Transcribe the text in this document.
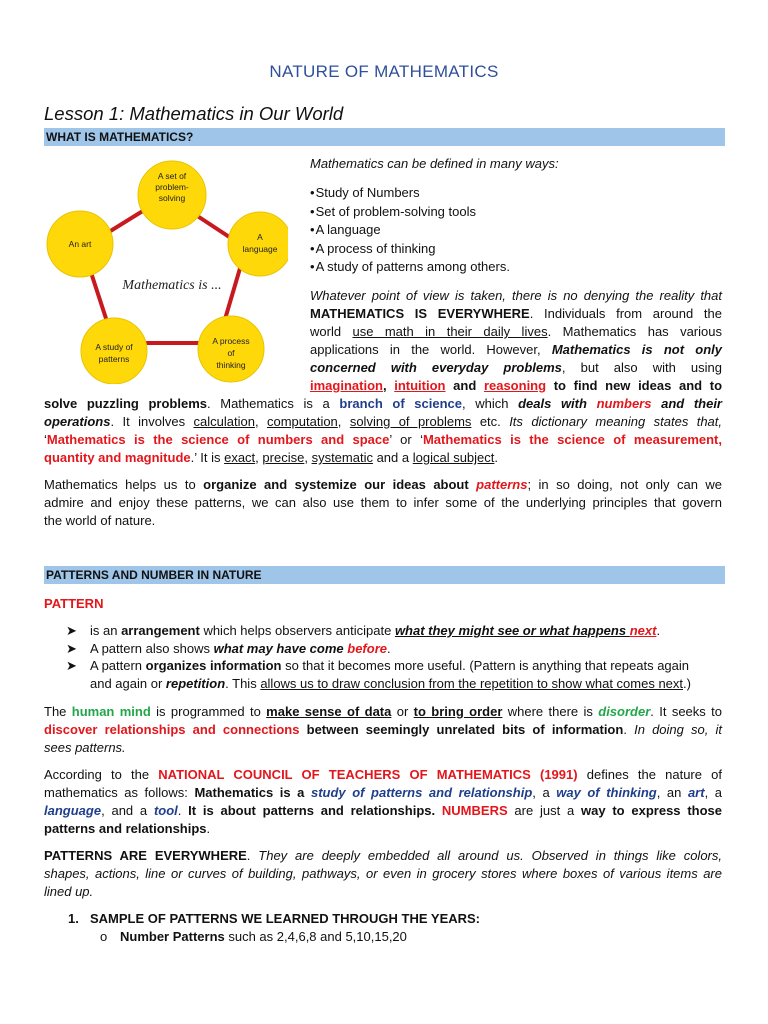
NATURE OF MATHEMATICS
Lesson 1: Mathematics in Our World
WHAT IS MATHEMATICS?
A set of
problem-
solving
A
language
A process
of
thinking
A study of
patterns
An art
Mathematics is ...
Mathematics can be defined in many ways:
• Study of Numbers
• Set of problem-solving tools
• A language
• A process of thinking
• A study of patterns among others.
Whatever point of view is taken, there is no denying the reality that
MATHEMATICS IS EVERYWHERE. Individuals from around the
world use math in their daily lives. Mathematics has various
applications in the world. However, Mathematics is not only
concerned with everyday problems, but also with using
imagination, intuition and reasoning to find new ideas and to
solve puzzling problems. Mathematics is a branch of science, which deals with numbers and their
operations. It involves calculation, computation, solving of problems etc. Its dictionary meaning states that,
‘Mathematics is the science of numbers and space’ or ‘Mathematics is the science of measurement,
quantity and magnitude.’ It is exact, precise, systematic and a logical subject.
Mathematics helps us to organize and systemize our ideas about patterns; in so doing, not only can we
admire and enjoy these patterns, we can also use them to infer some of the underlying principles that govern
the world of nature.
PATTERNS AND NUMBER IN NATURE
PATTERN
➤	is an arrangement which helps observers anticipate what they might see or what happens next.
➤	A pattern also shows what may have come before.
➤	A pattern organizes information so that it becomes more useful. (Pattern is anything that repeats again
and again or repetition. This allows us to draw conclusion from the repetition to show what comes next.)
The human mind is programmed to make sense of data or to bring order where there is disorder. It seeks to
discover relationships and connections between seemingly unrelated bits of information. In doing so, it
sees patterns.
According to the NATIONAL COUNCIL OF TEACHERS OF MATHEMATICS (1991) defines the nature of
mathematics as follows: Mathematics is a study of patterns and relationship, a way of thinking, an art, a
language, and a tool. It is about patterns and relationships. NUMBERS are just a way to express those
patterns and relationships.
PATTERNS ARE EVERYWHERE. They are deeply embedded all around us. Observed in things like colors,
shapes, actions, line or curves of building, pathways, or even in grocery stores where boxes of various items are
lined up.
1. SAMPLE OF PATTERNS WE LEARNED THROUGH THE YEARS:
o Number Patterns such as 2,4,6,8 and 5,10,15,20
